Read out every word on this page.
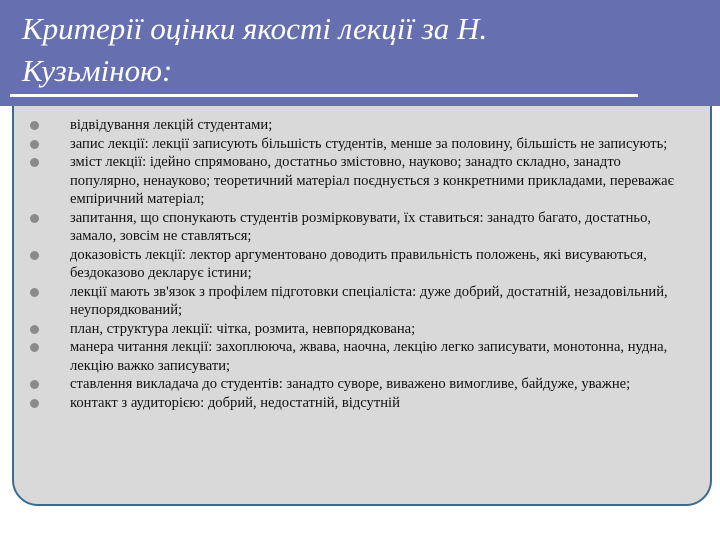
Критерії оцінки якості лекції за Н. Кузьміною:
відвідування лекцій студентами;
запис лекції: лекції записують більшість студентів, менше за половину, більшість не записують;
зміст лекції: ідейно спрямовано, достатньо змістовно, науково; занадто складно, занадто популярно, ненауково; теоретичний матеріал поєднується з конкретними прикладами, переважає емпіричний матеріал;
запитання, що спонукають студентів розмірковувати, їх ставиться: занадто багато, достатньо, замало, зовсім не ставляться;
доказовість лекції: лектор аргументовано доводить правильність положень, які висуваються, бездоказово декларує істини;
лекції мають зв'язок з профілем підготовки спеціаліста: дуже добрий, достатній, незадовільний, неупорядкований;
план, структура лекції: чітка, розмита, невпорядкована;
манера читання лекції: захоплююча, жвава, наочна, лекцію легко записувати, монотонна, нудна, лекцію важко записувати;
ставлення викладача до студентів: занадто суворе, виважено вимогливе, байдуже, уважне;
контакт з аудиторією: добрий, недостатній, відсутній
